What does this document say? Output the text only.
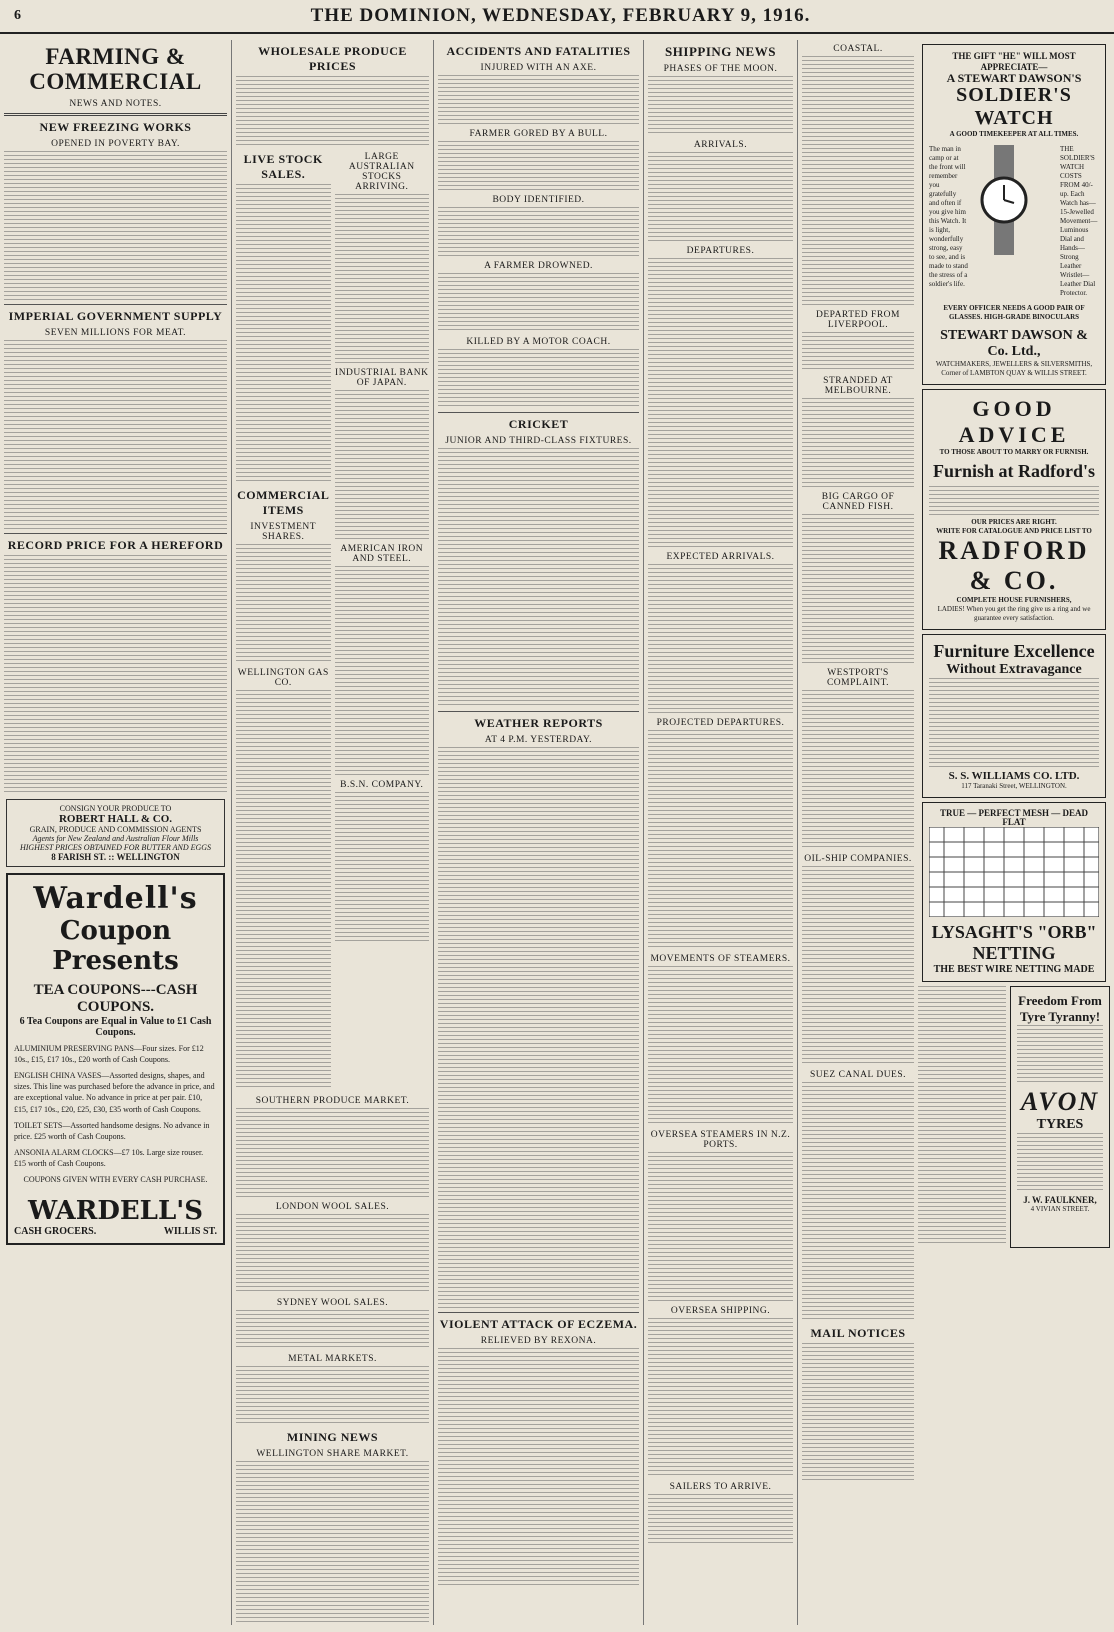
6	THE DOMINION, WEDNESDAY, FEBRUARY 9, 1916.
FARMING & COMMERCIAL
NEWS AND NOTES.
NEW FREEZING WORKS
OPENED IN POVERTY BAY.
IMPERIAL GOVERNMENT SUPPLY
SEVEN MILLIONS FOR MEAT.
RECORD PRICE FOR A HEREFORD
CONSIGN YOUR PRODUCE TO
ROBERT HALL & CO.
GRAIN, PRODUCE AND COMMISSION AGENTS
Agents for New Zealand and Australian Flour Mills
HIGHEST PRICES OBTAINED FOR BUTTER AND EGGS
8 FARISH ST. :: WELLINGTON
Wardell's
Coupon Presents
TEA COUPONS---CASH COUPONS.
6 Tea Coupons are Equal in Value to £1 Cash Coupons.
ALUMINIUM PRESERVING PANS—Four sizes. For £12 10s., £15, £17 10s., £20 worth of Cash Coupons.
ENGLISH CHINA VASES—Assorted designs, shapes, and sizes. This line was purchased before the advance in price, and are exceptional value. No advance in price at per pair. £10, £15, £17 10s., £20, £25, £30, £35 worth of Cash Coupons.
TOILET SETS—Assorted handsome designs. No advance in price. £25 worth of Cash Coupons.
ANSONIA ALARM CLOCKS—£7 10s. Large size rouser. £15 worth of Cash Coupons.
COUPONS GIVEN WITH EVERY CASH PURCHASE.
WARDELL'S
CASH GROCERS.	WILLIS ST.
WHOLESALE PRODUCE PRICES
LIVE STOCK SALES.
COMMERCIAL ITEMS
INVESTMENT SHARES.
WELLINGTON GAS CO.
LARGE AUSTRALIAN STOCKS ARRIVING.
INDUSTRIAL BANK OF JAPAN.
AMERICAN IRON AND STEEL.
B.S.N. COMPANY.
SOUTHERN PRODUCE MARKET.
LONDON WOOL SALES.
SYDNEY WOOL SALES.
METAL MARKETS.
MINING NEWS
WELLINGTON SHARE MARKET.
ACCIDENTS AND FATALITIES
INJURED WITH AN AXE.
FARMER GORED BY A BULL.
BODY IDENTIFIED.
A FARMER DROWNED.
KILLED BY A MOTOR COACH.
CRICKET
JUNIOR AND THIRD-CLASS FIXTURES.
WEATHER REPORTS
AT 4 P.M. YESTERDAY.
VIOLENT ATTACK OF ECZEMA.
RELIEVED BY REXONA.
SHIPPING NEWS
PHASES OF THE MOON.
ARRIVALS.
DEPARTURES.
EXPECTED ARRIVALS.
PROJECTED DEPARTURES.
MOVEMENTS OF STEAMERS.
OVERSEA STEAMERS IN N.Z. PORTS.
OVERSEA SHIPPING.
SAILERS TO ARRIVE.
COASTAL.
DEPARTED FROM LIVERPOOL.
STRANDED AT MELBOURNE.
BIG CARGO OF CANNED FISH.
WESTPORT'S COMPLAINT.
OIL-SHIP COMPANIES.
SUEZ CANAL DUES.
MAIL NOTICES
THE GIFT "HE" WILL MOST APPRECIATE—
A STEWART DAWSON'S
SOLDIER'S WATCH
A GOOD TIMEKEEPER AT ALL TIMES.
The man in camp or at the front will remember you gratefully and often if you give him this Watch. It is light, wonderfully strong, easy to see, and is made to stand the stress of a soldier's life.
THE SOLDIER'S WATCH COSTS FROM 40/- up. Each Watch has—15-Jewelled Movement—Luminous Dial and Hands—Strong Leather Wristlet—Leather Dial Protector.
EVERY OFFICER NEEDS A GOOD PAIR OF GLASSES. HIGH-GRADE BINOCULARS
STEWART DAWSON & Co. Ltd.,
WATCHMAKERS, JEWELLERS & SILVERSMITHS, Corner of LAMBTON QUAY & WILLIS STREET.
GOOD ADVICE
TO THOSE ABOUT TO MARRY OR FURNISH.
Furnish at Radford's
OUR PRICES ARE RIGHT.
WRITE FOR CATALOGUE AND PRICE LIST TO
RADFORD & CO.
COMPLETE HOUSE FURNISHERS,
LADIES! When you get the ring give us a ring and we guarantee every satisfaction.
Furniture Excellence
Without Extravagance
S. S. WILLIAMS CO. LTD.
117 Taranaki Street, WELLINGTON.
TRUE — PERFECT MESH — DEAD FLAT
LYSAGHT'S "ORB" NETTING
THE BEST WIRE NETTING MADE
Freedom From Tyre Tyranny!
AVON
TYRES
J. W. FAULKNER,
4 VIVIAN STREET.
